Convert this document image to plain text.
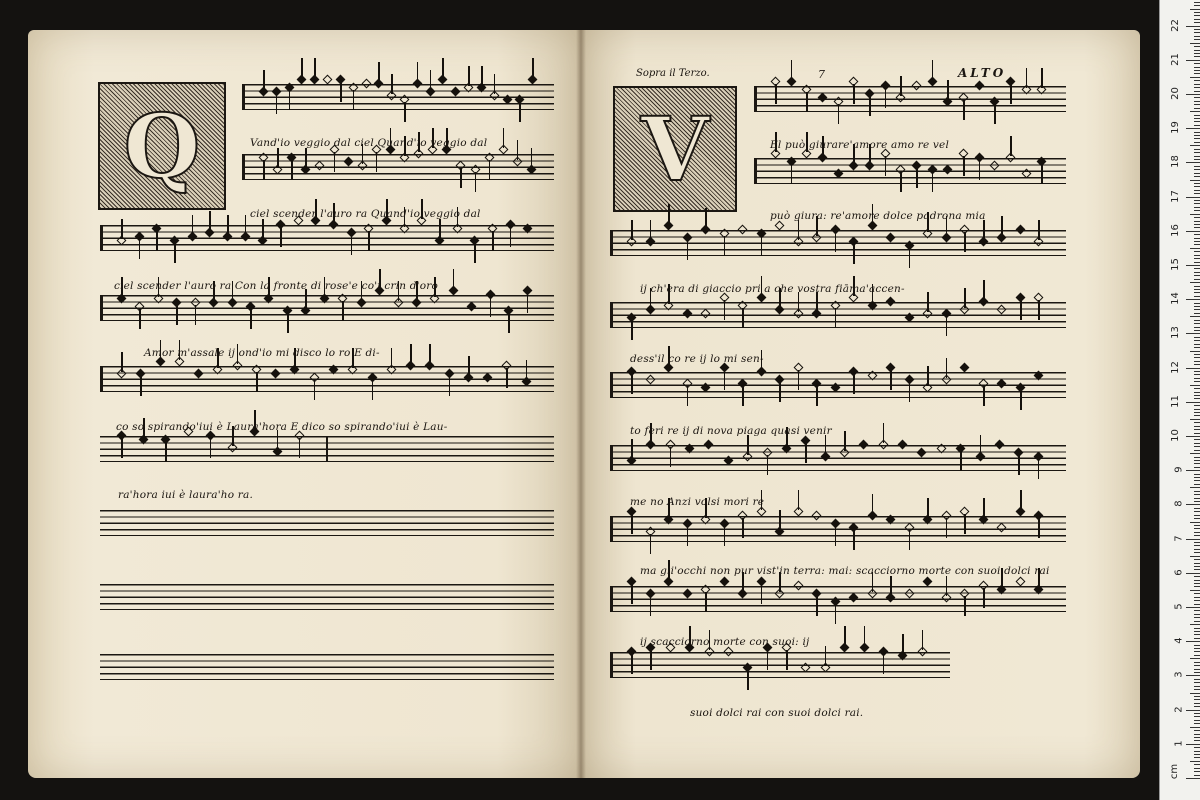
Q	V
Sopra il Terzo.	7	ALTO
Vand'io veggio dal ciel Quand'io veggio dal
ciel scender l'auro ra Quand'io veggio dal
ciel scender l'auro ra Con la fronte di rose'e co'i crin d'oro
Amor m'assale ij ond'io mi disco lo ro E di-
co so spirando'iui è Laura'hora E dico so spirando'iui è Lau-
ra'hora iui è laura'ho ra.
El può giurare'amore amo re vel
può giura: re'amore dolce padrona mia
ij ch'era di giaccio pri a che vostra fiāma'accen-
dess'il co re ij lo mi sen-
to feri re ij di nova piaga quasi venir
me no Anzi volsi mori re
ma gli'occhi non pur vist'in terra: mai: scacciorno morte con suoi dolci rai
ij scacciorno morte con suoi: ij
suoi dolci rai con suoi dolci rai.
1
2
3
4
5
6
7
8
9
10
11
12
13
14
15
16
17
18
19
20
21
22
cm
